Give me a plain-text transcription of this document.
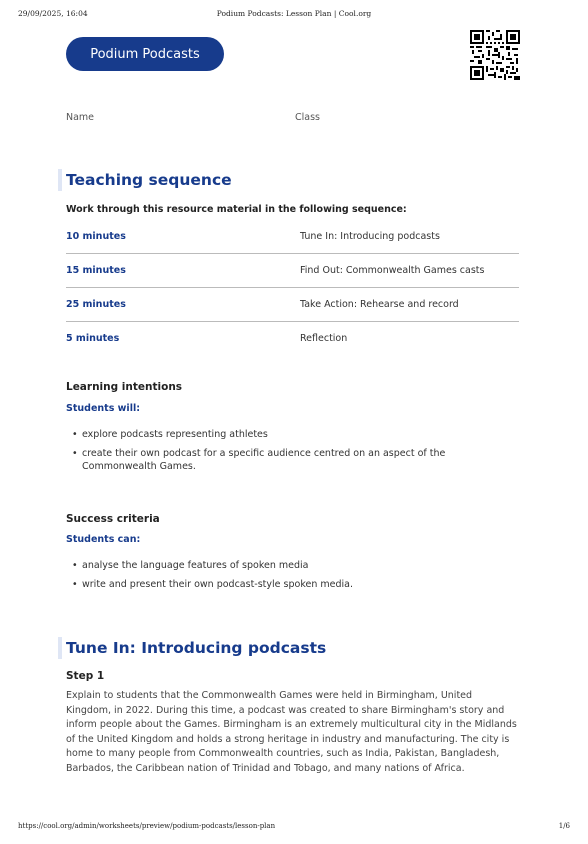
29/09/2025, 16:04	Podium Podcasts: Lesson Plan | Cool.org
Podium Podcasts
Name	Class
Teaching sequence
Work through this resource material in the following sequence:
10 minutes	Tune In: Introducing podcasts
15 minutes	Find Out: Commonwealth Games casts
25 minutes	Take Action: Rehearse and record
5 minutes	Reflection
Learning intentions
Students will:
• explore podcasts representing athletes
• create their own podcast for a specific audience centred on an aspect of the Commonwealth Games.
Success criteria
Students can:
• analyse the language features of spoken media
• write and present their own podcast-style spoken media.
Tune In: Introducing podcasts
Step 1

Explain to students that the Commonwealth Games were held in Birmingham, United Kingdom, in 2022. During this time, a podcast was created to share Birmingham's story and inform people about the Games. Birmingham is an extremely multicultural city in the Midlands of the United Kingdom and holds a strong heritage in industry and manufacturing. The city is home to many people from Commonwealth countries, such as India, Pakistan, Bangladesh, Barbados, the Caribbean nation of Trinidad and Tobago, and many nations of Africa.

https://cool.org/admin/worksheets/preview/podium-podcasts/lesson-plan	1/6
